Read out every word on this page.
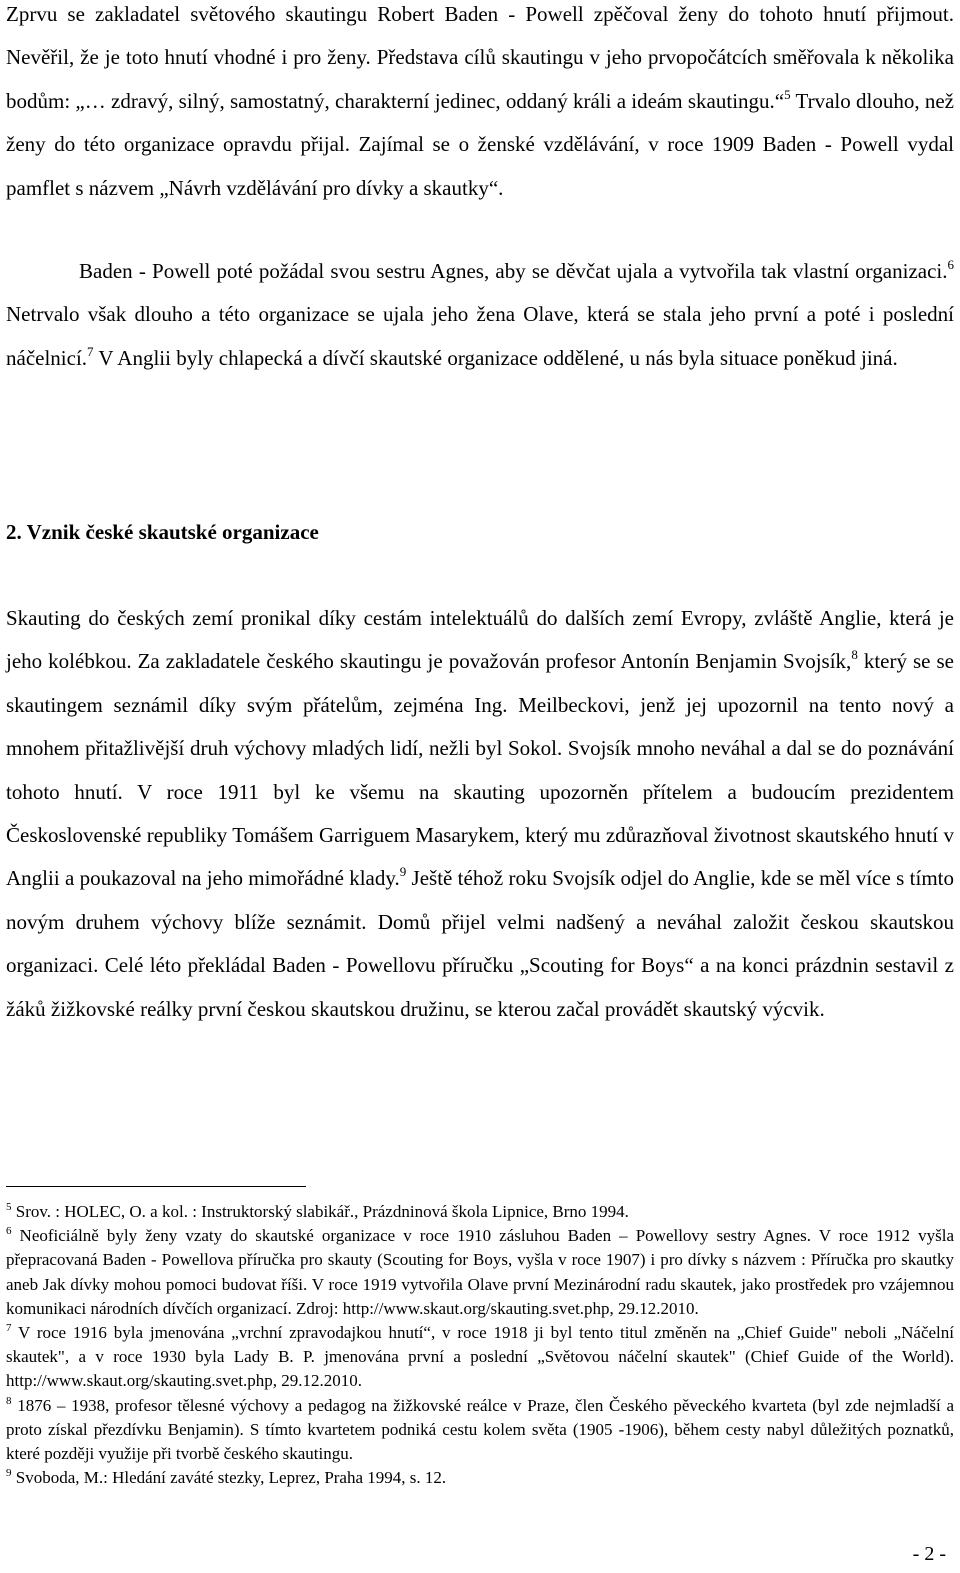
Zprvu se zakladatel světového skautingu Robert Baden - Powell zpěčoval ženy do tohoto hnutí přijmout. Nevěřil, že je toto hnutí vhodné i pro ženy. Představa cílů skautingu v jeho prvopočátcích směřovala k několika bodům: „… zdravý, silný, samostatný, charakterní jedinec, oddaný králi a ideám skautingu.“$^5$ Trvalo dlouho, než ženy do této organizace opravdu přijal. Zajímal se o ženské vzdělávání, v roce 1909 Baden - Powell vydal pamflet s názvem „Návrh vzdělávání pro dívky a skautky“.

Baden - Powell poté požádal svou sestru Agnes, aby se děvčat ujala a vytvořila tak vlastní organizaci.$^6$ Netrvalo však dlouho a této organizace se ujala jeho žena Olave, která se stala jeho první a poté i poslední náčelnicí.$^7$ V Anglii byly chlapecká a dívčí skautské organizace oddělené, u nás byla situace poněkud jiná.

2. Vznik české skautské organizace

Skauting do českých zemí pronikal díky cestám intelektuálů do dalších zemí Evropy, zvláště Anglie, která je jeho kolébkou. Za zakladatele českého skautingu je považován profesor Antonín Benjamin Svojsík,$^8$ který se se skautingem seznámil díky svým přátelům, zejména Ing. Meilbeckovi, jenž jej upozornil na tento nový a mnohem přitažlivější druh výchovy mladých lidí, nežli byl Sokol. Svojsík mnoho neváhal a dal se do poznávání tohoto hnutí. V roce 1911 byl ke všemu na skauting upozorněn přítelem a budoucím prezidentem Československé republiky Tomášem Garriguem Masarykem, který mu zdůrazňoval životnost skautského hnutí v Anglii a poukazoval na jeho mimořádné klady.$^9$ Ještě téhož roku Svojsík odjel do Anglie, kde se měl více s tímto novým druhem výchovy blíže seznámit. Domů přijel velmi nadšený a neváhal založit českou skautskou organizaci. Celé léto překládal Baden - Powellovu příručku „Scouting for Boys“ a na konci prázdnin sestavil z žáků žižkovské reálky první českou skautskou družinu, se kterou začal provádět skautský výcvik.

$^5$ Srov. : HOLEC, O. a kol. : Instruktorský slabikář., Prázdninová škola Lipnice, Brno 1994.

$^6$ Neoficiálně byly ženy vzaty do skautské organizace v roce 1910 zásluhou Baden – Powellovy sestry Agnes. V roce 1912 vyšla přepracovaná Baden - Powellova příručka pro skauty (Scouting for Boys, vyšla v roce 1907) i pro dívky s názvem : Příručka pro skautky aneb Jak dívky mohou pomoci budovat říši. V roce 1919 vytvořila Olave první Mezinárodní radu skautek, jako prostředek pro vzájemnou komunikaci národních dívčích organizací. Zdroj: http://www.skaut.org/skauting.svet.php, 29.12.2010.

$^7$ V roce 1916 byla jmenována „vrchní zpravodajkou hnutí“, v roce 1918 ji byl tento titul změněn na „Chief Guide" neboli „Náčelní skautek", a v roce 1930 byla Lady B. P. jmenována první a poslední „Světovou náčelní skautek" (Chief Guide of the World). http://www.skaut.org/skauting.svet.php, 29.12.2010.

$^8$ 1876 – 1938, profesor tělesné výchovy a pedagog na žižkovské reálce v Praze, člen Českého pěveckého kvarteta (byl zde nejmladší a proto získal přezdívku Benjamin). S tímto kvartetem podniká cestu kolem světa (1905 -1906), během cesty nabyl důležitých poznatků, které později využije při tvorbě českého skautingu.

$^9$ Svoboda, M.: Hledání zaváté stezky, Leprez, Praha 1994, s. 12.

- 2 -
